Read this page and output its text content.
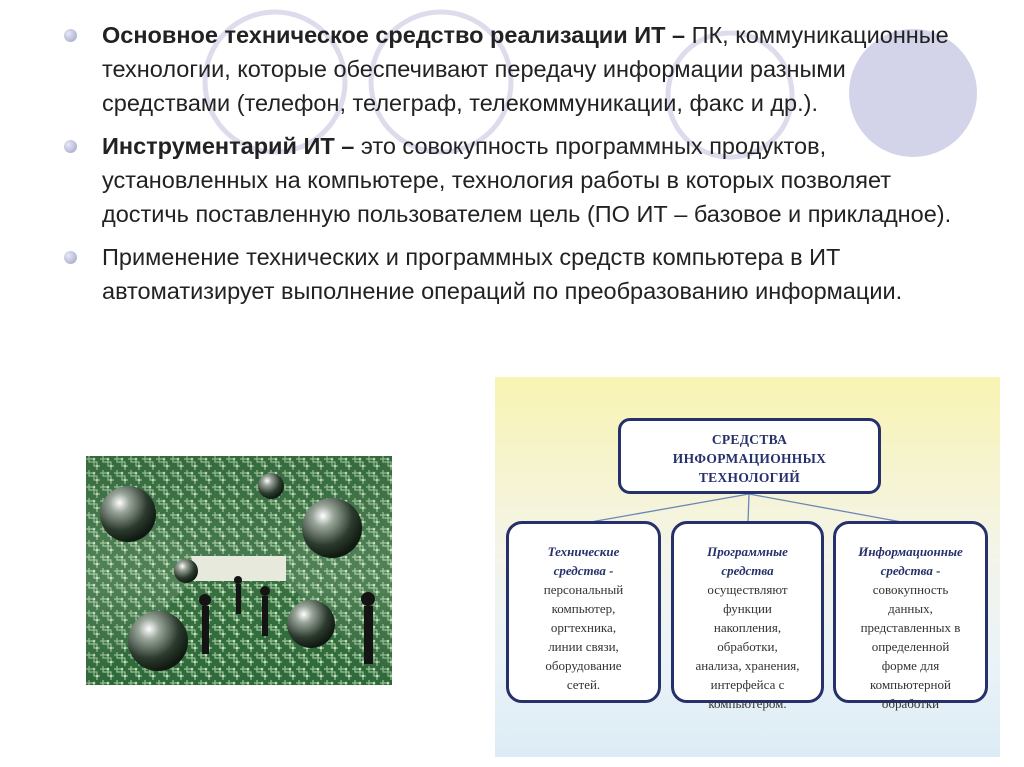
Основное техническое средство реализации ИТ – ПК, коммуникационные технологии, которые обеспечивают передачу информации разными средствами (телефон, телеграф, телекоммуникации, факс и др.).
Инструментарий ИТ – это совокупность программных продуктов, установленных на компьютере, технология работы в которых позволяет достичь поставленную пользователем цель (ПО ИТ – базовое и прикладное).
Применение технических и программных средств компьютера в ИТ автоматизирует выполнение операций по преобразованию информации.
СРЕДСТВА
ИНФОРМАЦИОННЫХ
ТЕХНОЛОГИЙ
Технические
средства -
персональный
компьютер,
оргтехника,
линии связи,
оборудование
сетей.
Программные
средства
осуществляют
функции
накопления,
обработки,
анализа, хранения,
интерфейса с
компьютером.
Информационные
средства -
совокупность
данных,
представленных в
определенной
форме для
компьютерной
обработки
